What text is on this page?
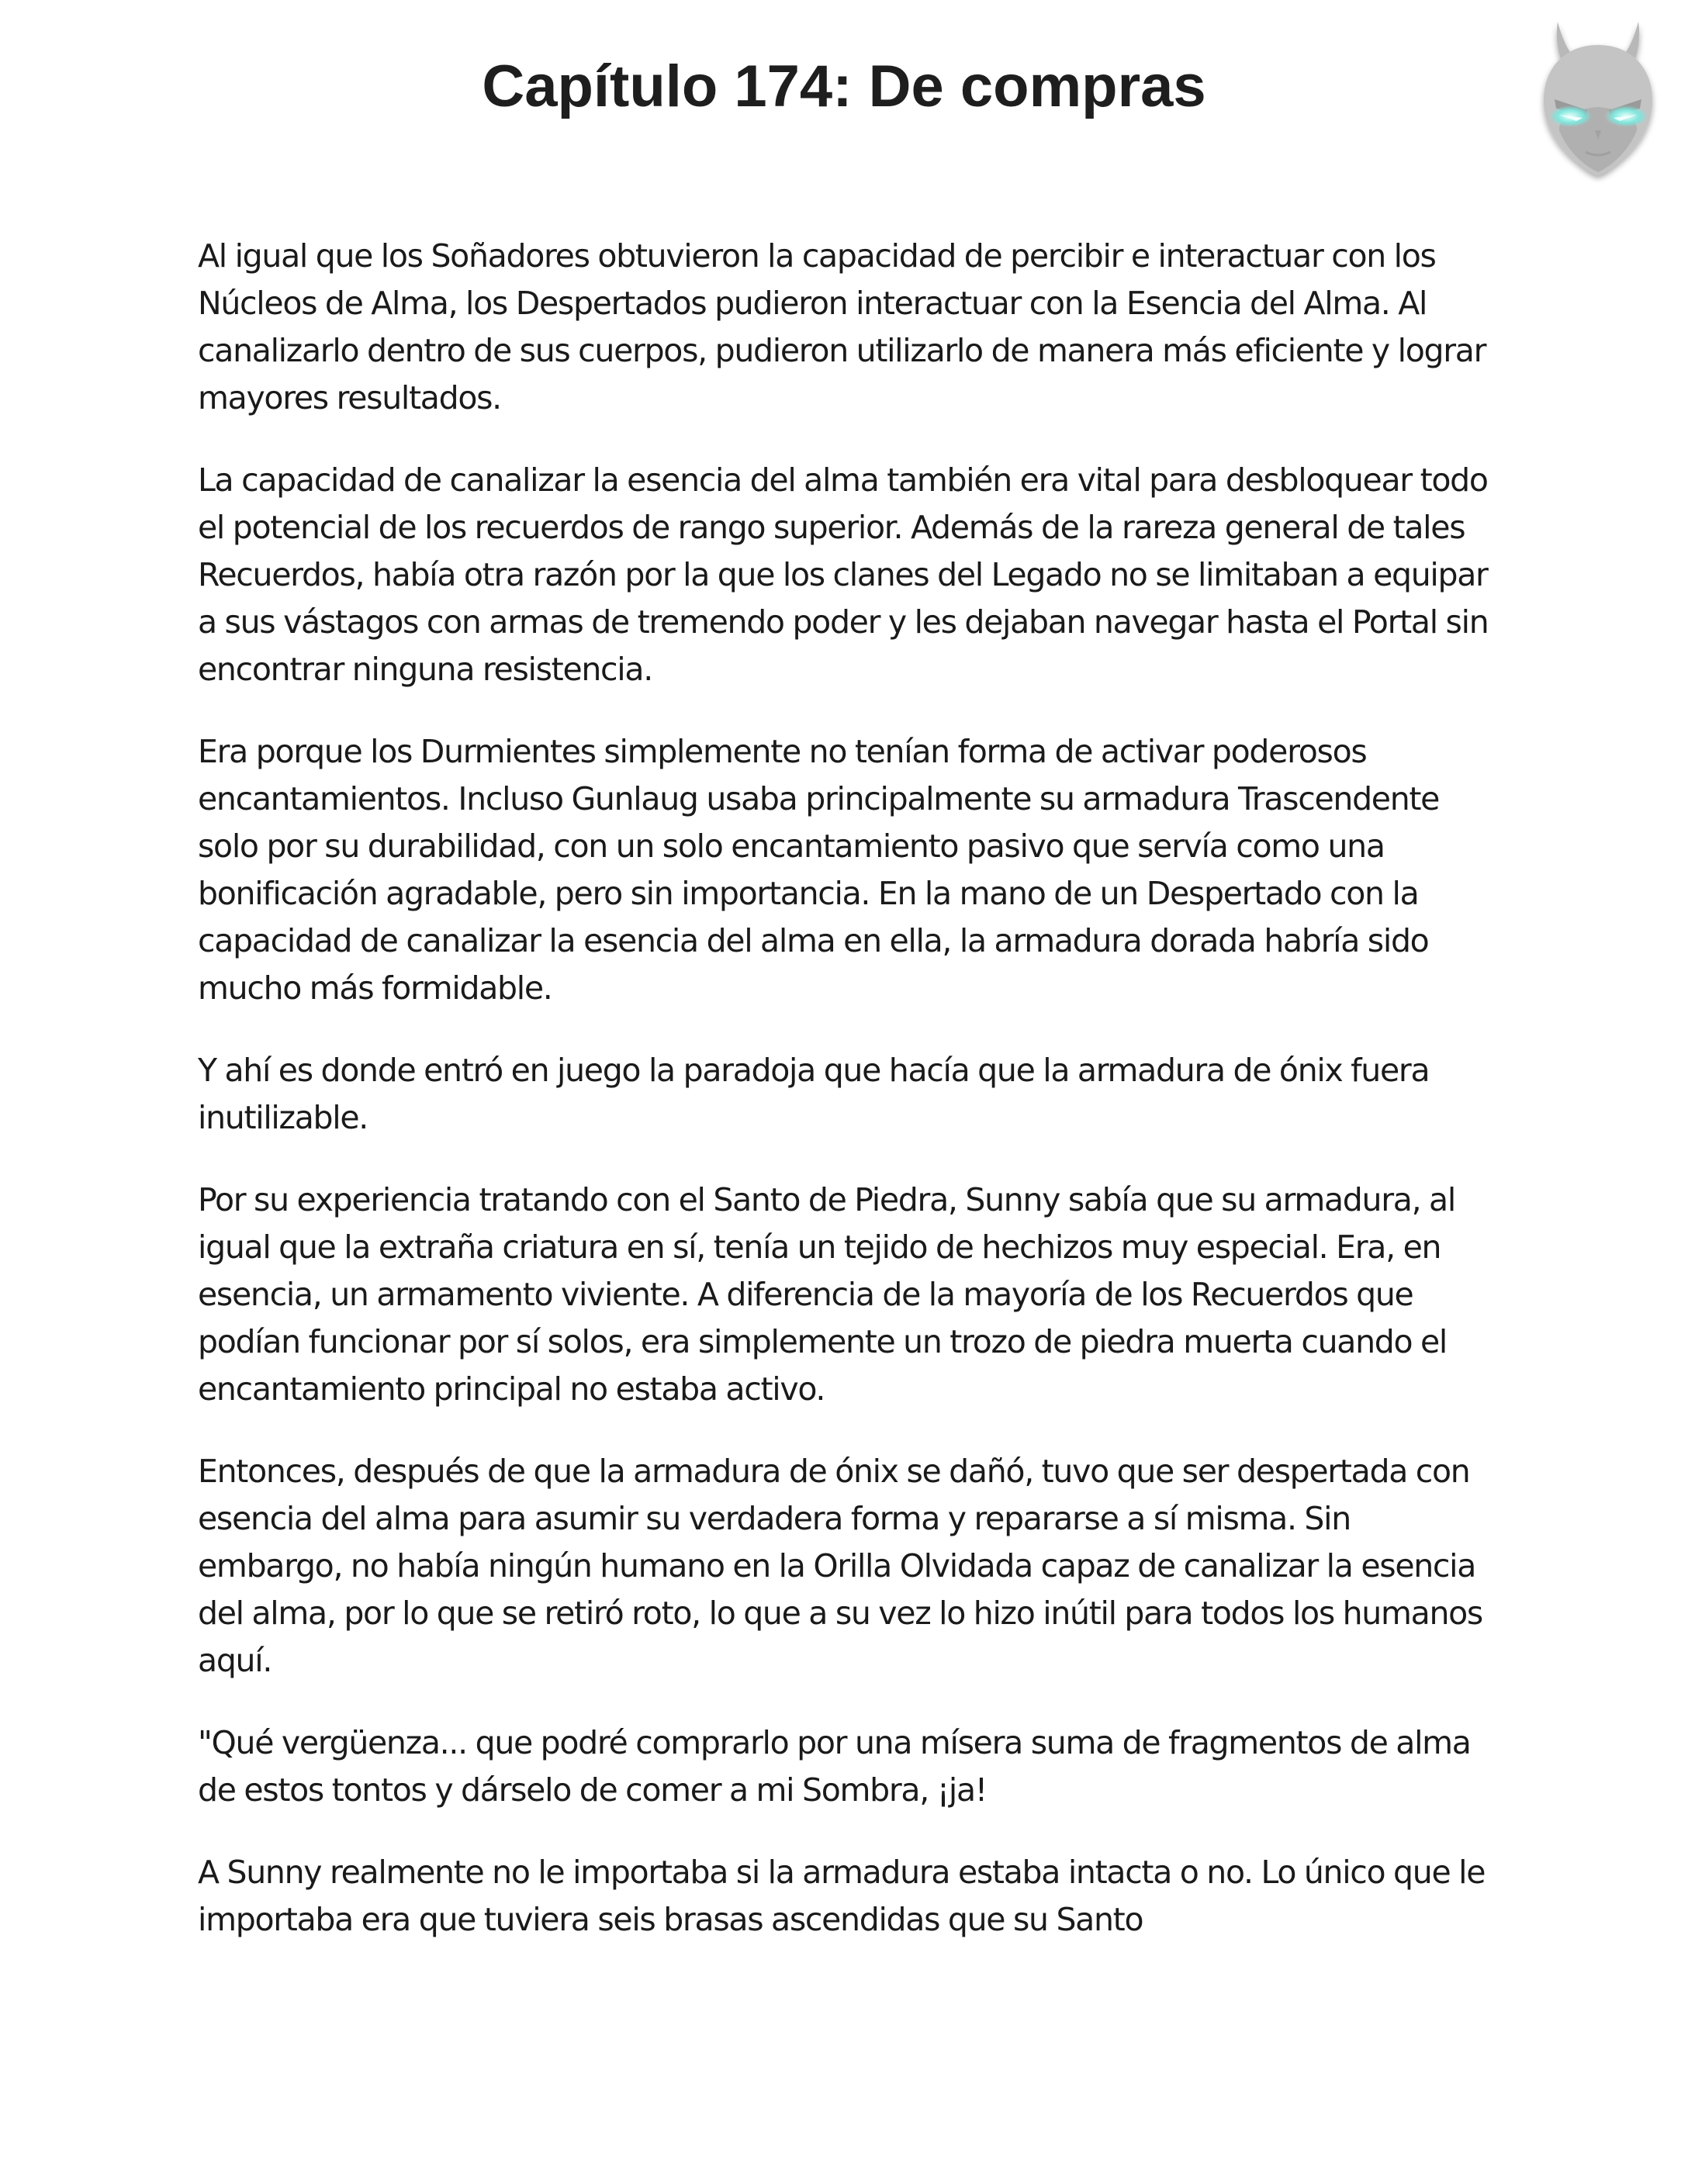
Capítulo 174: De compras

Al igual que los Soñadores obtuvieron la capacidad de percibir e interactuar con los Núcleos de Alma, los Despertados pudieron interactuar con la Esencia del Alma. Al canalizarlo dentro de sus cuerpos, pudieron utilizarlo de manera más eficiente y lograr mayores resultados.

La capacidad de canalizar la esencia del alma también era vital para desbloquear todo el potencial de los recuerdos de rango superior. Además de la rareza general de tales Recuerdos, había otra razón por la que los clanes del Legado no se limitaban a equipar a sus vástagos con armas de tremendo poder y les dejaban navegar hasta el Portal sin encontrar ninguna resistencia.

Era porque los Durmientes simplemente no tenían forma de activar poderosos encantamientos. Incluso Gunlaug usaba principalmente su armadura Trascendente solo por su durabilidad, con un solo encantamiento pasivo que servía como una bonificación agradable, pero sin importancia. En la mano de un Despertado con la capacidad de canalizar la esencia del alma en ella, la armadura dorada habría sido mucho más formidable.

Y ahí es donde entró en juego la paradoja que hacía que la armadura de ónix fuera inutilizable.

Por su experiencia tratando con el Santo de Piedra, Sunny sabía que su armadura, al igual que la extraña criatura en sí, tenía un tejido de hechizos muy especial. Era, en esencia, un armamento viviente. A diferencia de la mayoría de los Recuerdos que podían funcionar por sí solos, era simplemente un trozo de piedra muerta cuando el encantamiento principal no estaba activo.

Entonces, después de que la armadura de ónix se dañó, tuvo que ser despertada con esencia del alma para asumir su verdadera forma y repararse a sí misma. Sin embargo, no había ningún humano en la Orilla Olvidada capaz de canalizar la esencia del alma, por lo que se retiró roto, lo que a su vez lo hizo inútil para todos los humanos aquí.

"Qué vergüenza... que podré comprarlo por una mísera suma de fragmentos de alma de estos tontos y dárselo de comer a mi Sombra, ¡ja!

A Sunny realmente no le importaba si la armadura estaba intacta o no. Lo único que le importaba era que tuviera seis brasas ascendidas que su Santo
